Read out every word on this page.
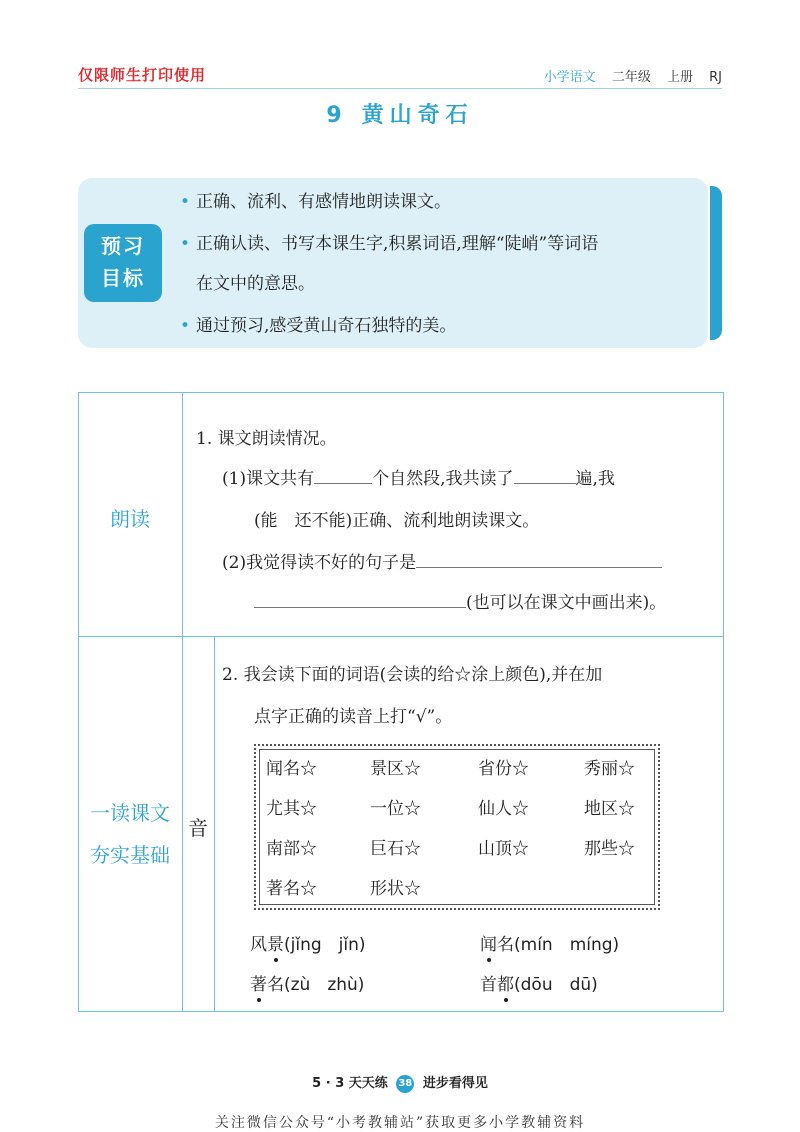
仅限师生打印使用	小学语文 二年级 上册 RJ
9 黄山奇石
预习
目标
• 正确、流利、有感情地朗读课文。
• 正确认读、书写本课生字,积累词语,理解“陡峭”等词语
在文中的意思。
• 通过预习,感受黄山奇石独特的美。
朗读
一读课文
夯实基础
音
1. 课文朗读情况。
(1)课文共有	个自然段,我共读了	遍,我
(能　还不能)正确、流利地朗读课文。
(2)我觉得读不好的句子是
(也可以在课文中画出来)。
2. 我会读下面的词语(会读的给☆涂上颜色),并在加
点字正确的读音上打“√”。
闻名☆	景区☆	省份☆	秀丽☆
尤其☆	一位☆	仙人☆	地区☆
南部☆	巨石☆	山顶☆	那些☆
著名☆	形状☆
风景(jǐng　jǐn)	闻名(mín　míng)
著名(zù　zhù)	首都(dōu　dū)
5 · 3 天天练 38 进步看得见
关注微信公众号“小考教辅站”获取更多小学教辅资料
